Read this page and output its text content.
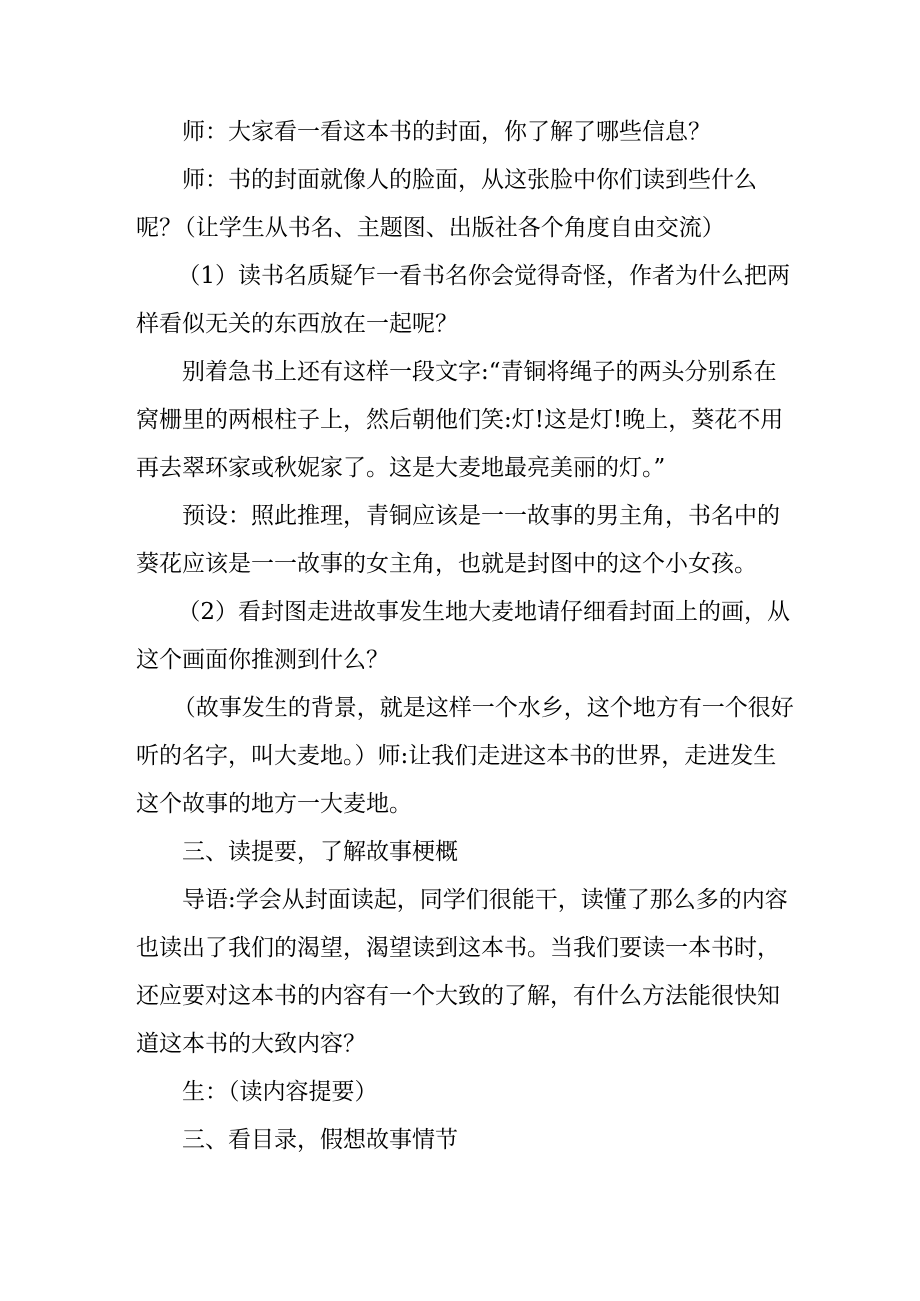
师：大家看一看这本书的封面，你了解了哪些信息？

师：书的封面就像人的脸面，从这张脸中你们读到些什么呢？

（让学生从书名、主题图、出版社各个角度自由交流）

（1）读书名质疑乍一看书名你会觉得奇怪，作者为什么把两样看似无关的东西放在一起呢？

别着急书上还有这样一段文字:“青铜将绳子的两头分别系在窝栅里的两根柱子上，然后朝他们笑:灯!这是灯!晚上，葵花不用再去翠环家或秋妮家了。这是大麦地最亮美丽的灯。”

预设：照此推理，青铜应该是一一故事的男主角，书名中的葵花应该是一一故事的女主角，也就是封图中的这个小女孩。

（2）看封图走进故事发生地大麦地请仔细看封面上的画，从这个画面你推测到什么？

（故事发生的背景，就是这样一个水乡，这个地方有一个很好听的名字，叫大麦地。）师:让我们走进这本书的世界，走进发生这个故事的地方一大麦地。

三、读提要，了解故事梗概

导语:学会从封面读起，同学们很能干，读懂了那么多的内容也读出了我们的渴望，渴望读到这本书。当我们要读一本书时，还应要对这本书的内容有一个大致的了解，有什么方法能很快知道这本书的大致内容？

生：（读内容提要）

三、看目录，假想故事情节
